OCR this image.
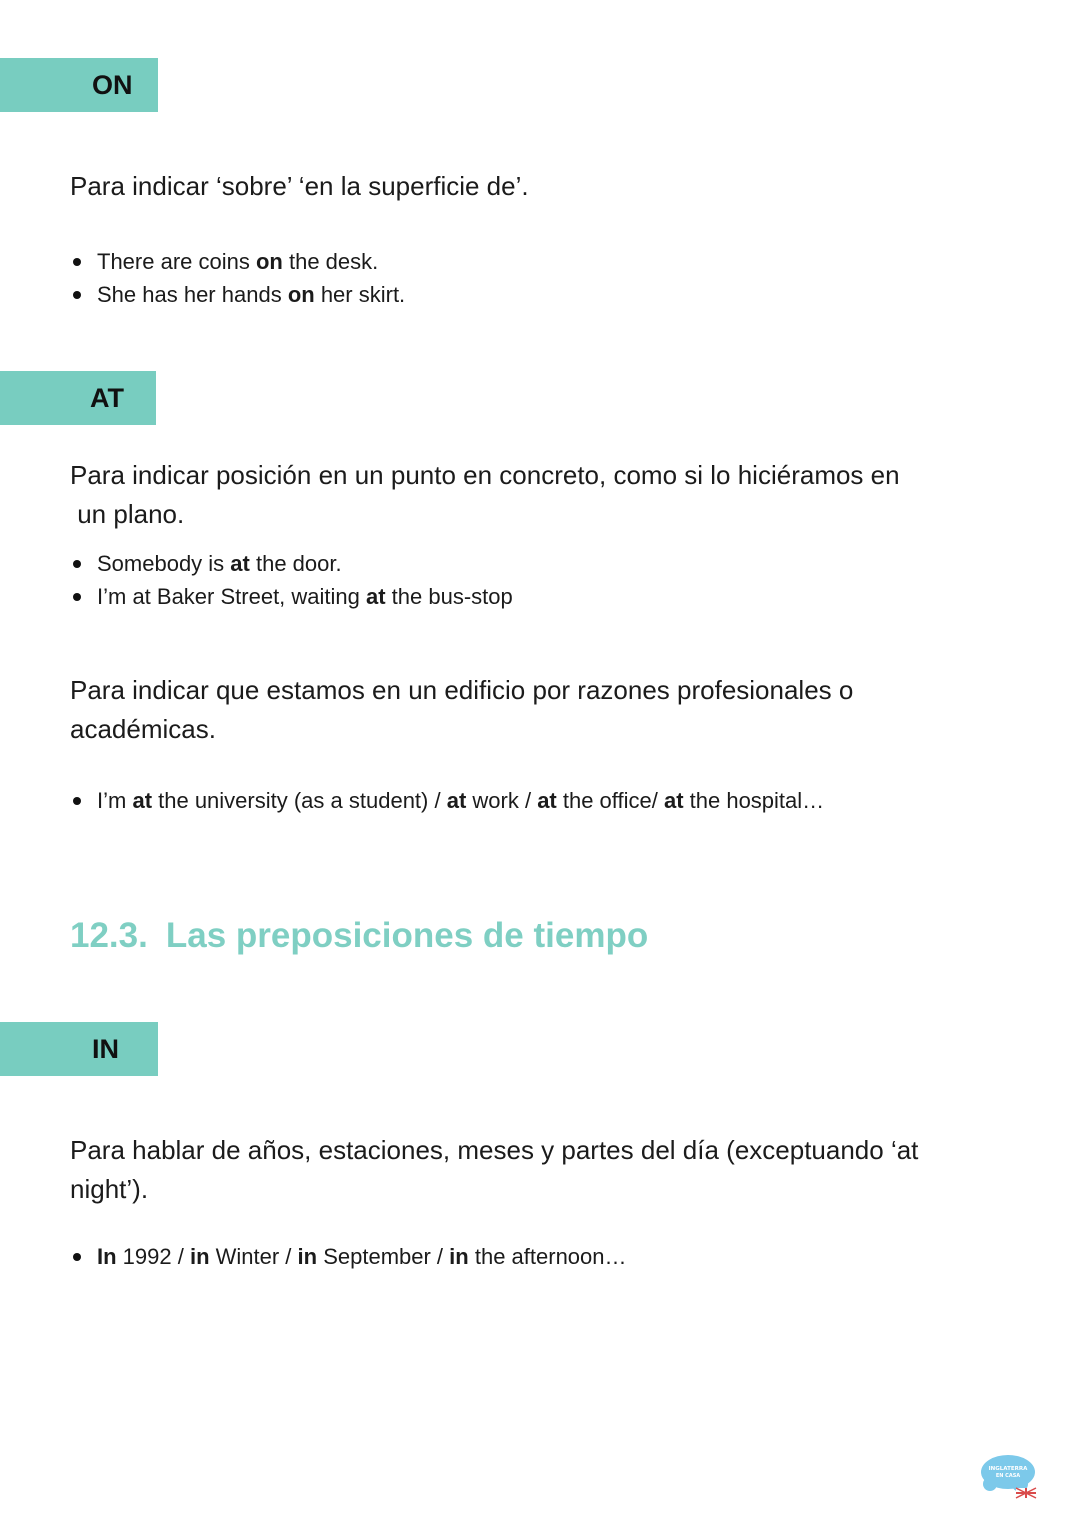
ON

Para indicar ‘sobre’ ‘en la superficie de’.

There are coins on the desk.
She has her hands on her skirt.
AT
Para indicar posición en un punto en concreto, como si lo hiciéramos en
un plano.
Somebody is at the door.
I’m at Baker Street, waiting at the bus-stop
Para indicar que estamos en un edificio por razones profesionales o
académicas.
I’m at the university (as a student) / at work / at the office/ at the hospital…
12.3. Las preposiciones de tiempo
IN
Para hablar de años, estaciones, meses y partes del día (exceptuando ‘at
night’).
In 1992 / in Winter / in September / in the afternoon…
INGLATERRA
EN CASA
